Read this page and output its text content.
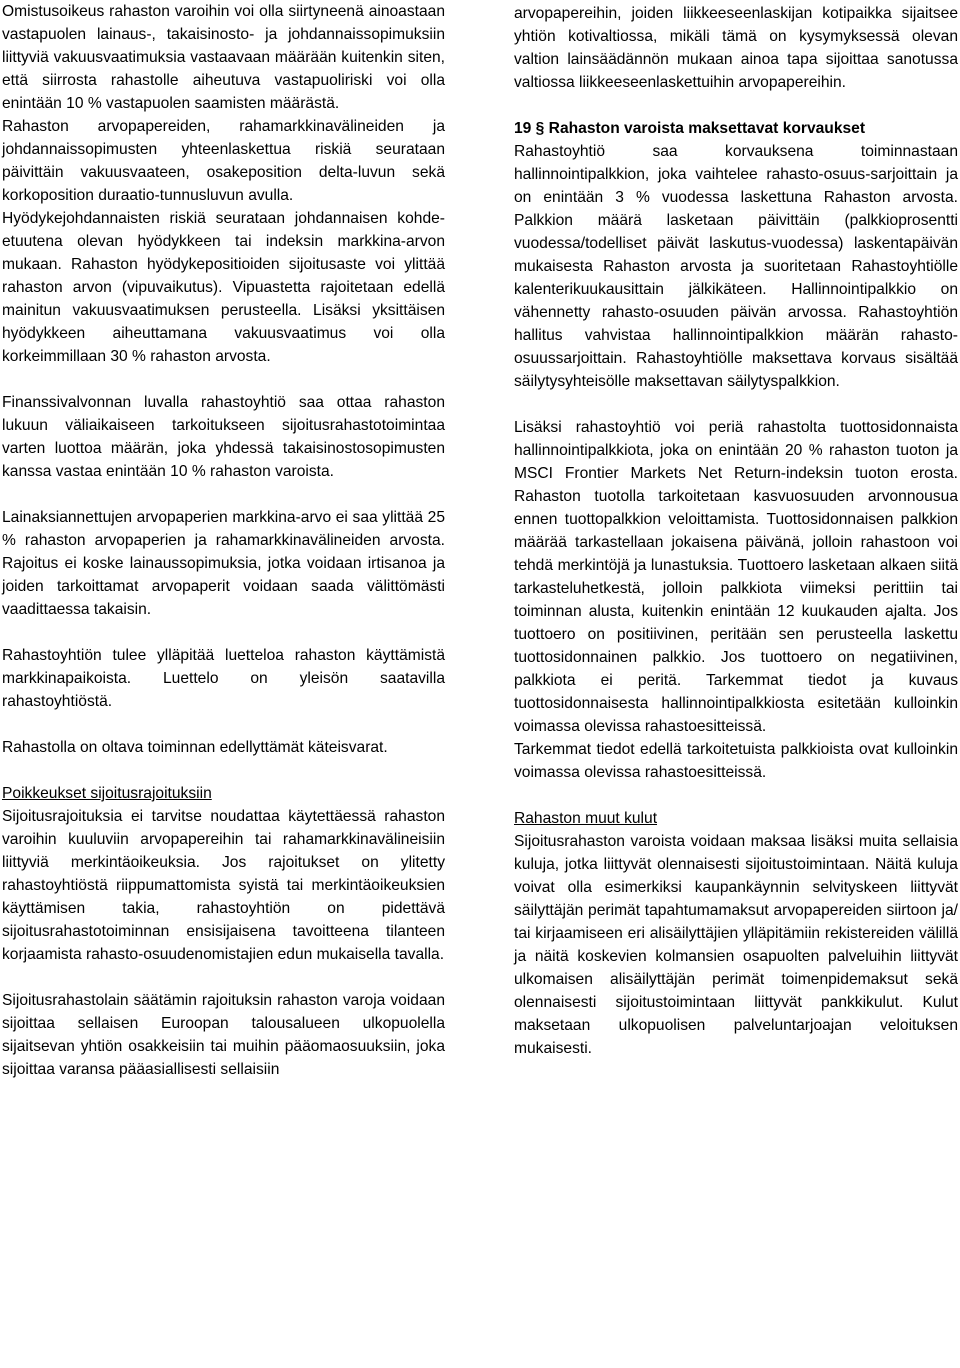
Omistusoikeus rahaston varoihin voi olla siirtyneenä ainoastaan vastapuolen lainaus-, takaisinosto- ja johdannaissopimuksiin liittyviä vakuusvaatimuksia vastaavaan määrään kuitenkin siten, että siirrosta rahastolle aiheutuva vastapuoliriski voi olla enintään 10 % vastapuolen saamisten määrästä.

Rahaston arvopapereiden, rahamarkkinavälineiden ja johdannaissopimusten yhteenlaskettua riskiä seurataan päivittäin vakuusvaateen, osakeposition delta-luvun sekä korkoposition duraatio-tunnusluvun avulla.

Hyödykejohdannaisten riskiä seurataan johdannaisen kohde-etuutena olevan hyödykkeen tai indeksin markkina-arvon mukaan. Rahaston hyödykepositioiden sijoitusaste voi ylittää rahaston arvon (vipuvaikutus). Vipuastetta rajoitetaan edellä mainitun vakuusvaatimuksen perusteella. Lisäksi yksittäisen hyödykkeen aiheuttamana vakuusvaatimus voi olla korkeimmillaan 30 % rahaston arvosta.

Finanssivalvonnan luvalla rahastoyhtiö saa ottaa rahaston lukuun väliaikaiseen tarkoitukseen sijoitusrahastotoimintaa varten luottoa määrän, joka yhdessä takaisinostosopimusten kanssa vastaa enintään 10 % rahaston varoista.

Lainaksiannettujen arvopaperien markkina-arvo ei saa ylittää 25 % rahaston arvopaperien ja rahamarkkinavälineiden arvosta. Rajoitus ei koske lainaussopimuksia, jotka voidaan irtisanoa ja joiden tarkoittamat arvopaperit voidaan saada välittömästi vaadittaessa takaisin.

Rahastoyhtiön tulee ylläpitää luetteloa rahaston käyttämistä markkinapaikoista. Luettelo on yleisön saatavilla rahastoyhtiöstä.

Rahastolla on oltava toiminnan edellyttämät käteisvarat.

Poikkeukset sijoitusrajoituksiin

Sijoitusrajoituksia ei tarvitse noudattaa käytettäessä rahaston varoihin kuuluviin arvopapereihin tai rahamarkkinavälineisiin liittyviä merkintäoikeuksia. Jos rajoitukset on ylitetty rahastoyhtiöstä riippumattomista syistä tai merkintäoikeuksien käyttämisen takia, rahastoyhtiön on pidettävä sijoitusrahastotoiminnan ensisijaisena tavoitteena tilanteen korjaamista rahasto-osuudenomistajien edun mukaisella tavalla.

Sijoitusrahastolain säätämin rajoituksin rahaston varoja voidaan sijoittaa sellaisen Euroopan talousalueen ulkopuolella sijaitsevan yhtiön osakkeisiin tai muihin pääomaosuuksiin, joka sijoittaa varansa pääasiallisesti sellaisiin

arvopapereihin, joiden liikkeeseenlaskijan kotipaikka sijaitsee yhtiön kotivaltiossa, mikäli tämä on kysymyksessä olevan valtion lainsäädännön mukaan ainoa tapa sijoittaa sanotussa valtiossa liikkeeseenlaskettuihin arvopapereihin.

19 § Rahaston varoista maksettavat korvaukset

Rahastoyhtiö saa korvauksena toiminnastaan hallinnointipalkkion, joka vaihtelee rahasto-osuus-sarjoittain ja on enintään 3 % vuodessa laskettuna Rahaston arvosta. Palkkion määrä lasketaan päivittäin (palkkioprosentti vuodessa/todelliset päivät laskutus-vuodessa) laskentapäivän mukaisesta Rahaston arvosta ja suoritetaan Rahastoyhtiölle kalenterikuukausittain jälkikäteen. Hallinnointipalkkio on vähennetty rahasto-osuuden päivän arvossa. Rahastoyhtiön hallitus vahvistaa hallinnointipalkkion määrän rahasto-osuussarjoittain. Rahastoyhtiölle maksettava korvaus sisältää säilytysyhteisölle maksettavan säilytyspalkkion.

Lisäksi rahastoyhtiö voi periä rahastolta tuottosidonnaista hallinnointipalkkiota, joka on enintään 20 % rahaston tuoton ja MSCI Frontier Markets Net Return-indeksin tuoton erosta. Rahaston tuotolla tarkoitetaan kasvuosuuden arvonnousua ennen tuottopalkkion veloittamista. Tuottosidonnaisen palkkion määrää tarkastellaan jokaisena päivänä, jolloin rahastoon voi tehdä merkintöjä ja lunastuksia. Tuottoero lasketaan alkaen siitä tarkasteluhetkestä, jolloin palkkiota viimeksi perittiin tai toiminnan alusta, kuitenkin enintään 12 kuukauden ajalta. Jos tuottoero on positiivinen, peritään sen perusteella laskettu tuottosidonnainen palkkio. Jos tuottoero on negatiivinen, palkkiota ei peritä. Tarkemmat tiedot ja kuvaus tuottosidonnaisesta hallinnointipalkkiosta esitetään kulloinkin voimassa olevissa rahastoesitteissä.

Tarkemmat tiedot edellä tarkoitetuista palkkioista ovat kulloinkin voimassa olevissa rahastoesitteissä.

Rahaston muut kulut

Sijoitusrahaston varoista voidaan maksaa lisäksi muita sellaisia kuluja, jotka liittyvät olennaisesti sijoitustoimintaan. Näitä kuluja voivat olla esimerkiksi kaupankäynnin selvityskeen liittyvät säilyttäjän perimät tapahtumamaksut arvopapereiden siirtoon ja/ tai kirjaamiseen eri alisäilyttäjien ylläpitämiin rekistereiden välillä ja näitä koskevien kolmansien osapuolten palveluihin liittyvät ulkomaisen alisäilyttäjän perimät toimenpidemaksut sekä olennaisesti sijoitustoimintaan liittyvät pankkikulut. Kulut maksetaan ulkopuolisen palveluntarjoajan veloituksen mukaisesti.
